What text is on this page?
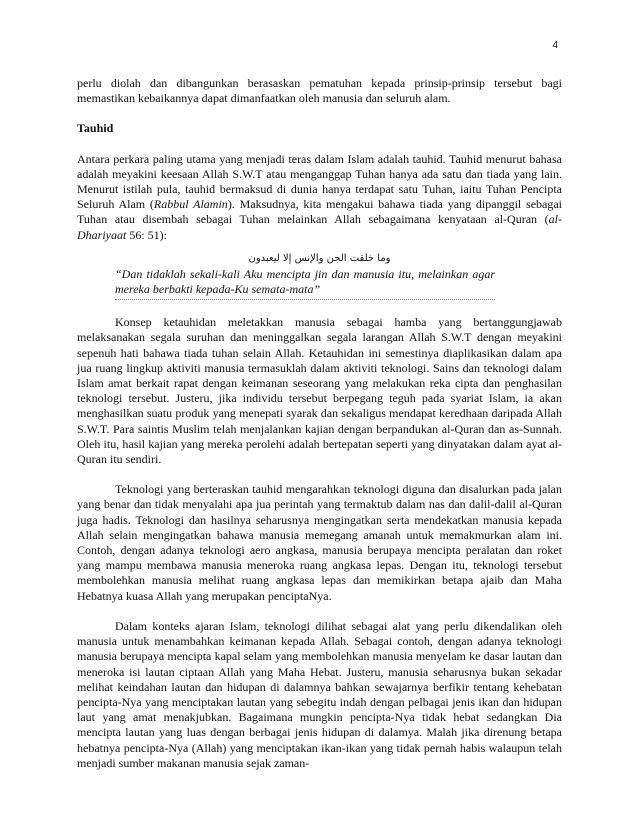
4

perlu diolah dan dibangunkan berasaskan pematuhan kepada prinsip-prinsip tersebut bagi memastikan kebaikannya dapat dimanfaatkan oleh manusia dan seluruh alam.

Tauhid

Antara perkara paling utama yang menjadi teras dalam Islam adalah tauhid. Tauhid menurut bahasa adalah meyakini keesaan Allah S.W.T atau menganggap Tuhan hanya ada satu dan tiada yang lain. Menurut istilah pula, tauhid bermaksud di dunia hanya terdapat satu Tuhan, iaitu Tuhan Pencipta Seluruh Alam (Rabbul Alamin). Maksudnya, kita mengakui bahawa tiada yang dipanggil sebagai Tuhan atau disembah sebagai Tuhan melainkan Allah sebagaimana kenyataan al-Quran (al-Dhariyaat 56: 51):

وما خلقت الجن والإنس إلا ليعبدون

“Dan tidaklah sekali-kali Aku mencipta jin dan manusia itu, melainkan agar mereka berbakti kepada-Ku semata-mata”

Konsep ketauhidan meletakkan manusia sebagai hamba yang bertanggungjawab melaksanakan segala suruhan dan meninggalkan segala larangan Allah S.W.T dengan meyakini sepenuh hati bahawa tiada tuhan selain Allah. Ketauhidan ini semestinya diaplikasikan dalam apa jua ruang lingkup aktiviti manusia termasuklah dalam aktiviti teknologi. Sains dan teknologi dalam Islam amat berkait rapat dengan keimanan seseorang yang melakukan reka cipta dan penghasilan teknologi tersebut. Justeru, jika individu tersebut berpegang teguh pada syariat Islam, ia akan menghasilkan suatu produk yang menepati syarak dan sekaligus mendapat keredhaan daripada Allah S.W.T. Para saintis Muslim telah menjalankan kajian dengan berpandukan al-Quran dan as-Sunnah. Oleh itu, hasil kajian yang mereka perolehi adalah bertepatan seperti yang dinyatakan dalam ayat al-Quran itu sendiri.

Teknologi yang berteraskan tauhid mengarahkan teknologi diguna dan disalurkan pada jalan yang benar dan tidak menyalahi apa jua perintah yang termaktub dalam nas dan dalil-dalil al-Quran juga hadis. Teknologi dan hasilnya seharusnya mengingatkan serta mendekatkan manusia kepada Allah selain mengingatkan bahawa manusia memegang amanah untuk memakmurkan alam ini. Contoh, dengan adanya teknologi aero angkasa, manusia berupaya mencipta peralatan dan roket yang mampu membawa manusia meneroka ruang angkasa lepas. Dengan itu, teknologi tersebut membolehkan manusia melihat ruang angkasa lepas dan memikirkan betapa ajaib dan Maha Hebatnya kuasa Allah yang merupakan penciptaNya.

Dalam konteks ajaran Islam, teknologi dilihat sebagai alat yang perlu dikendalikan oleh manusia untuk menambahkan keimanan kepada Allah. Sebagai contoh, dengan adanya teknologi manusia berupaya mencipta kapal selam yang membolehkan manusia menyelam ke dasar lautan dan meneroka isi lautan ciptaan Allah yang Maha Hebat. Justeru, manusia seharusnya bukan sekadar melihat keindahan lautan dan hidupan di dalamnya bahkan sewajarnya berfikir tentang kehebatan pencipta-Nya yang menciptakan lautan yang sebegitu indah dengan pelbagai jenis ikan dan hidupan laut yang amat menakjubkan. Bagaimana mungkin pencipta-Nya tidak hebat sedangkan Dia mencipta lautan yang luas dengan berbagai jenis hidupan di dalamya. Malah jika direnung betapa hebatnya pencipta-Nya (Allah) yang menciptakan ikan-ikan yang tidak pernah habis walaupun telah menjadi sumber makanan manusia sejak zaman-
